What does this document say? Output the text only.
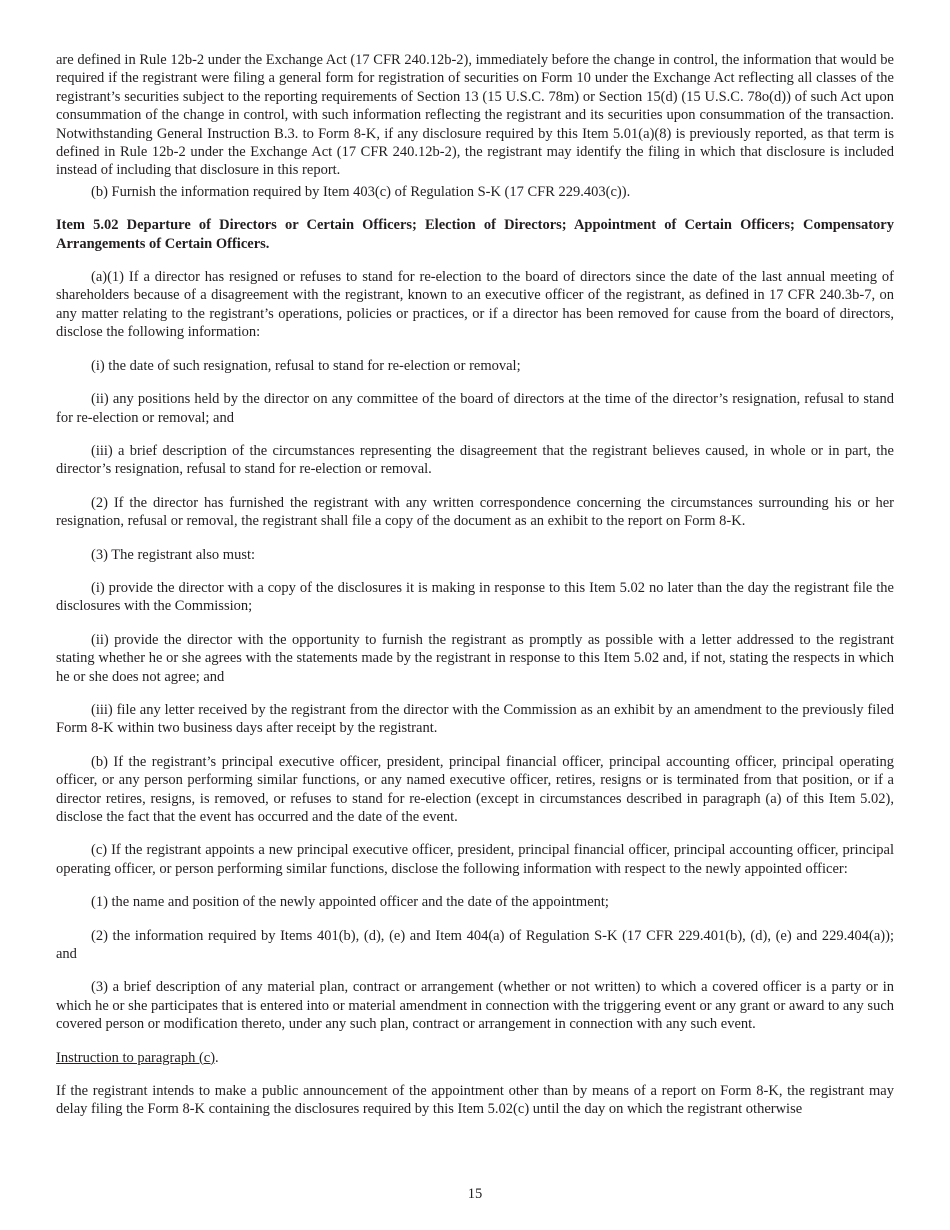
are defined in Rule 12b-2 under the Exchange Act (17 CFR 240.12b-2), immediately before the change in control, the information that would be required if the registrant were filing a general form for registration of securities on Form 10 under the Exchange Act reflecting all classes of the registrant’s securities subject to the reporting requirements of Section 13 (15 U.S.C. 78m) or Section 15(d) (15 U.S.C. 78o(d)) of such Act upon consummation of the change in control, with such information reflecting the registrant and its securities upon consummation of the transaction. Notwithstanding General Instruction B.3. to Form 8-K, if any disclosure required by this Item 5.01(a)(8) is previously reported, as that term is defined in Rule 12b-2 under the Exchange Act (17 CFR 240.12b-2), the registrant may identify the filing in which that disclosure is included instead of including that disclosure in this report.

(b) Furnish the information required by Item 403(c) of Regulation S-K (17 CFR 229.403(c)).

Item 5.02 Departure of Directors or Certain Officers; Election of Directors; Appointment of Certain Officers; Compensatory Arrangements of Certain Officers.

(a)(1) If a director has resigned or refuses to stand for re-election to the board of directors since the date of the last annual meeting of shareholders because of a disagreement with the registrant, known to an executive officer of the registrant, as defined in 17 CFR 240.3b-7, on any matter relating to the registrant’s operations, policies or practices, or if a director has been removed for cause from the board of directors, disclose the following information:

(i) the date of such resignation, refusal to stand for re-election or removal;

(ii) any positions held by the director on any committee of the board of directors at the time of the director’s resignation, refusal to stand for re-election or removal; and

(iii) a brief description of the circumstances representing the disagreement that the registrant believes caused, in whole or in part, the director’s resignation, refusal to stand for re-election or removal.

(2) If the director has furnished the registrant with any written correspondence concerning the circumstances surrounding his or her resignation, refusal or removal, the registrant shall file a copy of the document as an exhibit to the report on Form 8-K.

(3) The registrant also must:

(i) provide the director with a copy of the disclosures it is making in response to this Item 5.02 no later than the day the registrant file the disclosures with the Commission;

(ii) provide the director with the opportunity to furnish the registrant as promptly as possible with a letter addressed to the registrant stating whether he or she agrees with the statements made by the registrant in response to this Item 5.02 and, if not, stating the respects in which he or she does not agree; and

(iii) file any letter received by the registrant from the director with the Commission as an exhibit by an amendment to the previously filed Form 8-K within two business days after receipt by the registrant.

(b) If the registrant’s principal executive officer, president, principal financial officer, principal accounting officer, principal operating officer, or any person performing similar functions, or any named executive officer, retires, resigns or is terminated from that position, or if a director retires, resigns, is removed, or refuses to stand for re-election (except in circumstances described in paragraph (a) of this Item 5.02), disclose the fact that the event has occurred and the date of the event.

(c) If the registrant appoints a new principal executive officer, president, principal financial officer, principal accounting officer, principal operating officer, or person performing similar functions, disclose the following information with respect to the newly appointed officer:

(1) the name and position of the newly appointed officer and the date of the appointment;

(2) the information required by Items 401(b), (d), (e) and Item 404(a) of Regulation S-K (17 CFR 229.401(b), (d), (e) and 229.404(a)); and

(3) a brief description of any material plan, contract or arrangement (whether or not written) to which a covered officer is a party or in which he or she participates that is entered into or material amendment in connection with the triggering event or any grant or award to any such covered person or modification thereto, under any such plan, contract or arrangement in connection with any such event.

Instruction to paragraph (c).

If the registrant intends to make a public announcement of the appointment other than by means of a report on Form 8-K, the registrant may delay filing the Form 8-K containing the disclosures required by this Item 5.02(c) until the day on which the registrant otherwise

15
